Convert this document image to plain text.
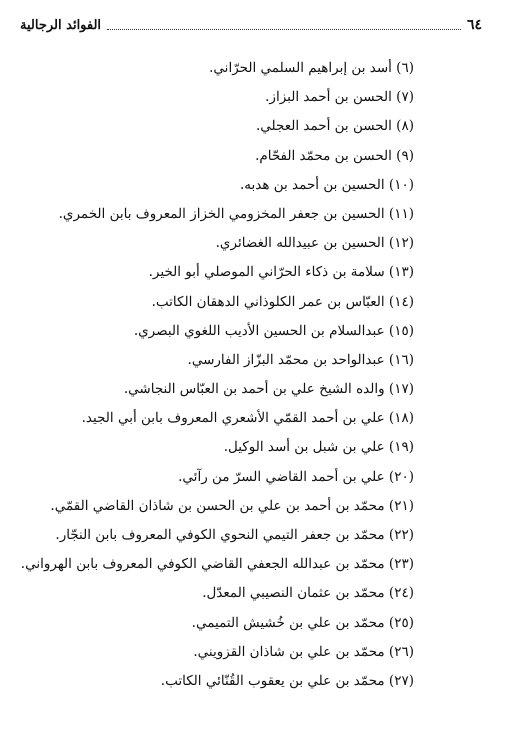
٦٤
الفوائد الرجالية
(٦) أسد بن إبراهيم السلمي الحرّاني.
(٧) الحسن بن أحمد البزاز.
(٨) الحسن بن أحمد العجلي.
(٩) الحسن بن محمّد الفحّام.
(١٠) الحسين بن أحمد بن هدبه.
(١١) الحسين بن جعفر المخزومي الخزاز المعروف بابن الخمري.
(١٢) الحسين بن عبيدالله الغضائري.
(١٣) سلامة بن ذكاء الحرّاني الموصلي أبو الخير.
(١٤) العبّاس بن عمر الكلوذاني الدهقان الكاتب.
(١٥) عبدالسلام بن الحسين الأديب اللغوي البصري.
(١٦) عبدالواحد بن محمّد البزّاز الفارسي.
(١٧) والده الشيخ علي بن أحمد بن العبّاس النجاشي.
(١٨) علي بن أحمد القمّي الأشعري المعروف بابن أبي الجيد.
(١٩) علي بن شبل بن أسد الوكيل.
(٢٠) علي بن أحمد القاضي السرّ من رآئي.
(٢١) محمّد بن أحمد بن علي بن الحسن بن شاذان القاضي القمّي.
(٢٢) محمّد بن جعفر التيمي النحوي الكوفي المعروف بابن النجّار.
(٢٣) محمّد بن عبدالله الجعفي القاضي الكوفي المعروف بابن الهرواني.
(٢٤) محمّد بن عثمان النصيبي المعدّل.
(٢٥) محمّد بن علي بن خُشيش التميمي.
(٢٦) محمّد بن علي بن شاذان القزويني.
(٢٧) محمّد بن علي بن يعقوب القُنّائي الكاتب.
